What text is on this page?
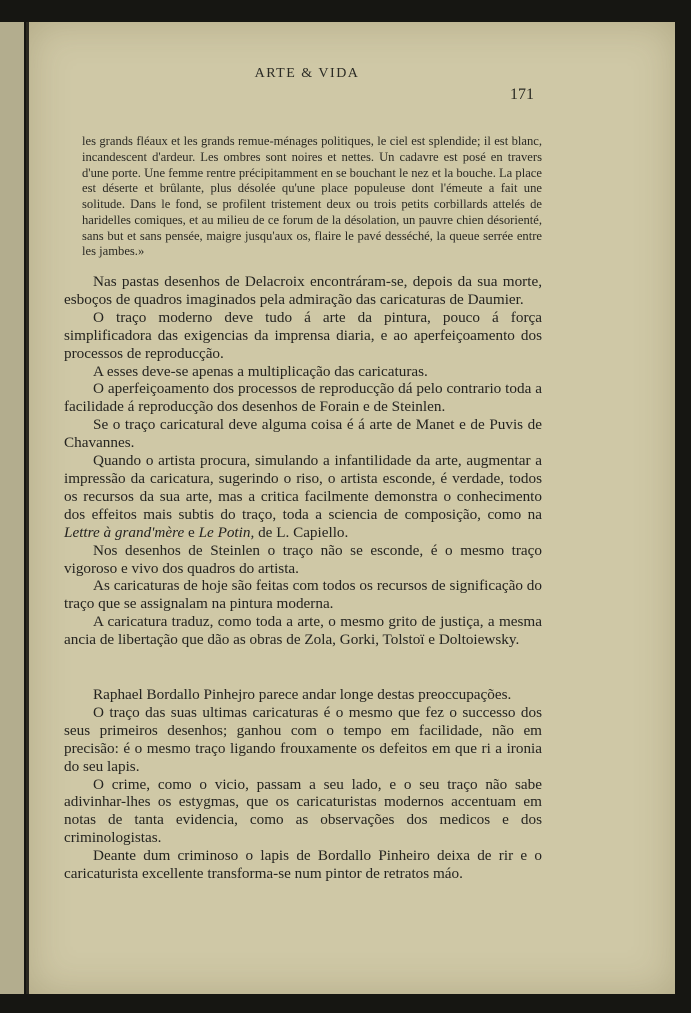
ARTE & VIDA
171
les grands fléaux et les grands remue-ménages politiques, le ciel est splendide; il est blanc, incandescent d'ardeur. Les ombres sont noires et nettes. Un cadavre est posé en travers d'une porte. Une femme rentre précipitamment en se bouchant le nez et la bouche. La place est déserte et brûlante, plus désolée qu'une place populeuse dont l'émeute a fait une solitude. Dans le fond, se profilent tristement deux ou trois petits corbillards attelés de haridelles comiques, et au milieu de ce forum de la désolation, un pauvre chien désorienté, sans but et sans pensée, maigre jusqu'aux os, flaire le pavé desséché, la queue serrée entre les jambes.»

Nas pastas desenhos de Delacroix encontráram-se, depois da sua morte, esboços de quadros imaginados pela admiração das caricaturas de Daumier.

O traço moderno deve tudo á arte da pintura, pouco á força simplificadora das exigencias da imprensa diaria, e ao aperfeiçoamento dos processos de reproducção.

A esses deve-se apenas a multiplicação das caricaturas.

O aperfeiçoamento dos processos de reproducção dá pelo contrario toda a facilidade á reproducção dos desenhos de Forain e de Steinlen.

Se o traço caricatural deve alguma coisa é á arte de Manet e de Puvis de Chavannes.

Quando o artista procura, simulando a infantilidade da arte, augmentar a impressão da caricatura, sugerindo o riso, o artista esconde, é verdade, todos os recursos da sua arte, mas a critica facilmente demonstra o conhecimento dos effeitos mais subtis do traço, toda a sciencia de composição, como na Lettre à grand'mère e Le Potin, de L. Capiello.

Nos desenhos de Steinlen o traço não se esconde, é o mesmo traço vigoroso e vivo dos quadros do artista.

As caricaturas de hoje são feitas com todos os recursos de significação do traço que se assignalam na pintura moderna.

A caricatura traduz, como toda a arte, o mesmo grito de justiça, a mesma ancia de libertação que dão as obras de Zola, Gorki, Tolstoï e Doltoiewsky.

Raphael Bordallo Pinhejro parece andar longe destas preoccupações.

O traço das suas ultimas caricaturas é o mesmo que fez o successo dos seus primeiros desenhos; ganhou com o tempo em facilidade, não em precisão: é o mesmo traço ligando frouxamente os defeitos em que ri a ironia do seu lapis.

O crime, como o vicio, passam a seu lado, e o seu traço não sabe adivinhar-lhes os estygmas, que os caricaturistas modernos accentuam em notas de tanta evidencia, como as observações dos medicos e dos criminologistas.

Deante dum criminoso o lapis de Bordallo Pinheiro deixa de rir e o caricaturista excellente transforma-se num pintor de retratos máo.
